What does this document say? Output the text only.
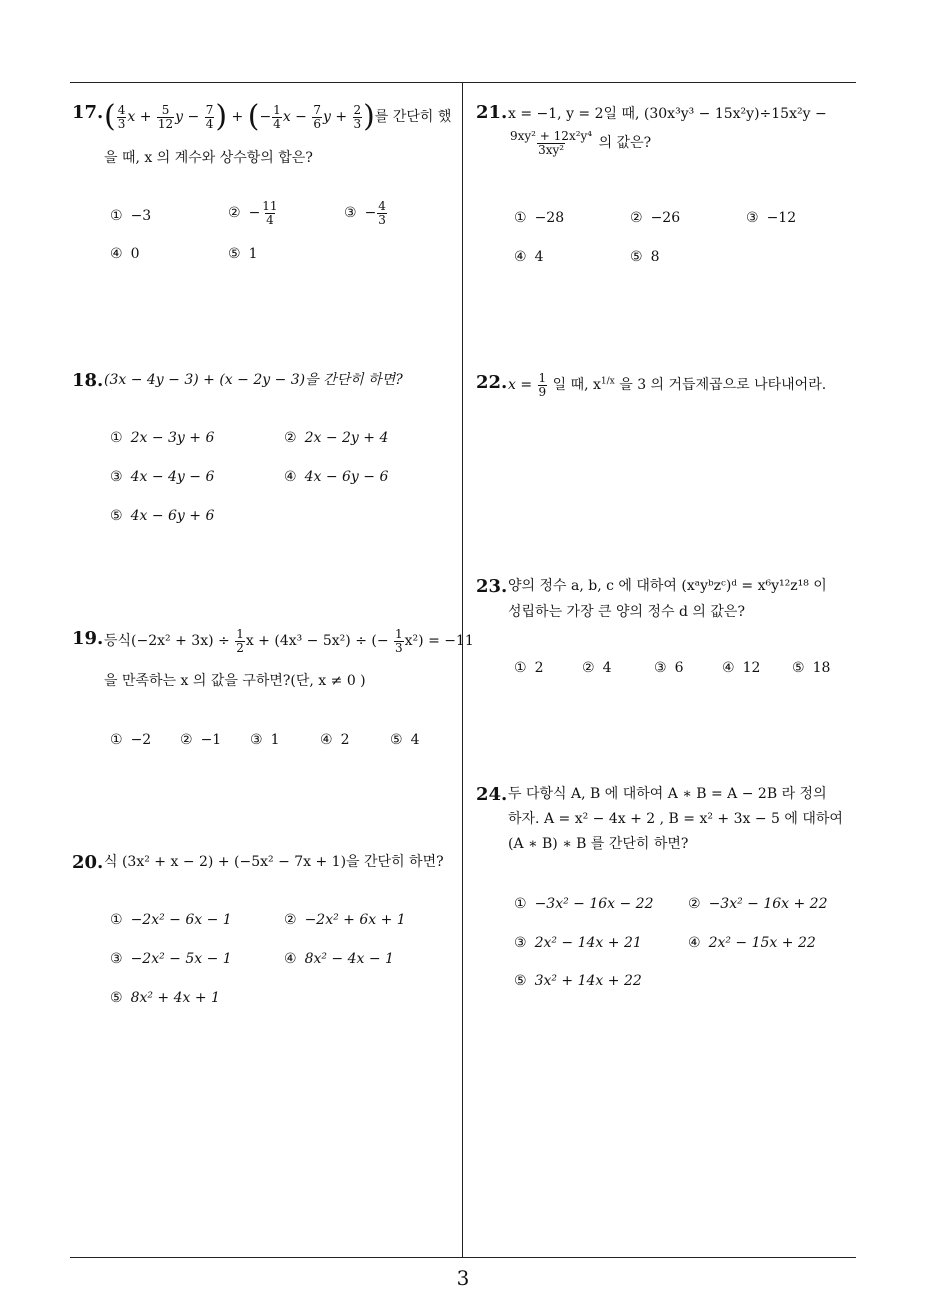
3
17. ( $\frac{4}{3}$ $x + \frac{5}{12}$ $y - \frac{7}{4}$ ) + (− $\frac{1}{4}$ $x - \frac{7}{6}$ $y + \frac{2}{3}$ )를 간단히 했
을 때, x 의 계수와 상수항의 합은?
① −3	② − $\frac{11}{4}$	③ − $\frac{4}{3}$
④ 0	⑤ 1
18. (3x − 4y − 3) + (x − 2y − 3)을 간단히 하면?
① 2x − 3y + 6	② 2x − 2y + 4
③ 4x − 4y − 6	④ 4x − 6y − 6
⑤ 4x − 6y + 6
19. 등식$(-2x^2 + 3x) \div \frac{1}{2}$ x + (4x³ − 5x²) ÷ (− $\frac{1}{3} x^2) = -11$
을 만족하는 x 의 값을 구하면?(단, x ≠ 0 )
① −2 ② −1 ③ 1	④ 2	⑤ 4
20. 식 (3x² + x − 2) + (−5x² − 7x + 1)을 간단히 하면?
① −2x² − 6x − 1	② −2x² + 6x + 1
③ −2x² − 5x − 1	④ 8x² − 4x − 1
⑤ 8x² + 4x + 1
21. x = −1, y = 2일 때, (30x³y³ − 15x²y)÷15x²y −
$\frac{\text{9xy² + 12x²y⁴}}{\text{3xy²}}$ 의 값은?
① −28	② −26	③ −12
④ 4	⑤ 8
22. $x = \frac{1}{9}$ 일 때, $x^{1/x}$ 을 3 의 거듭제곱으로 나타내어라.
23. 양의 정수 a, b, c 에 대하여 (xᵃyᵇzᶜ)ᵈ = x⁶y¹²z¹⁸ 이
성립하는 가장 큰 양의 정수 d 의 값은?
① 2	② 4	③ 6	④ 12 ⑤ 18
24. 두 다항식 A, B 에 대하여 A ∗ B = A − 2B 라 정의
하자. A = x² − 4x + 2 , B = x² + 3x − 5 에 대하여
(A ∗ B) ∗ B 를 간단히 하면?
① −3x² − 16x − 22 ② −3x² − 16x + 22
③ 2x² − 14x + 21	④ 2x² − 15x + 22
⑤ 3x² + 14x + 22
